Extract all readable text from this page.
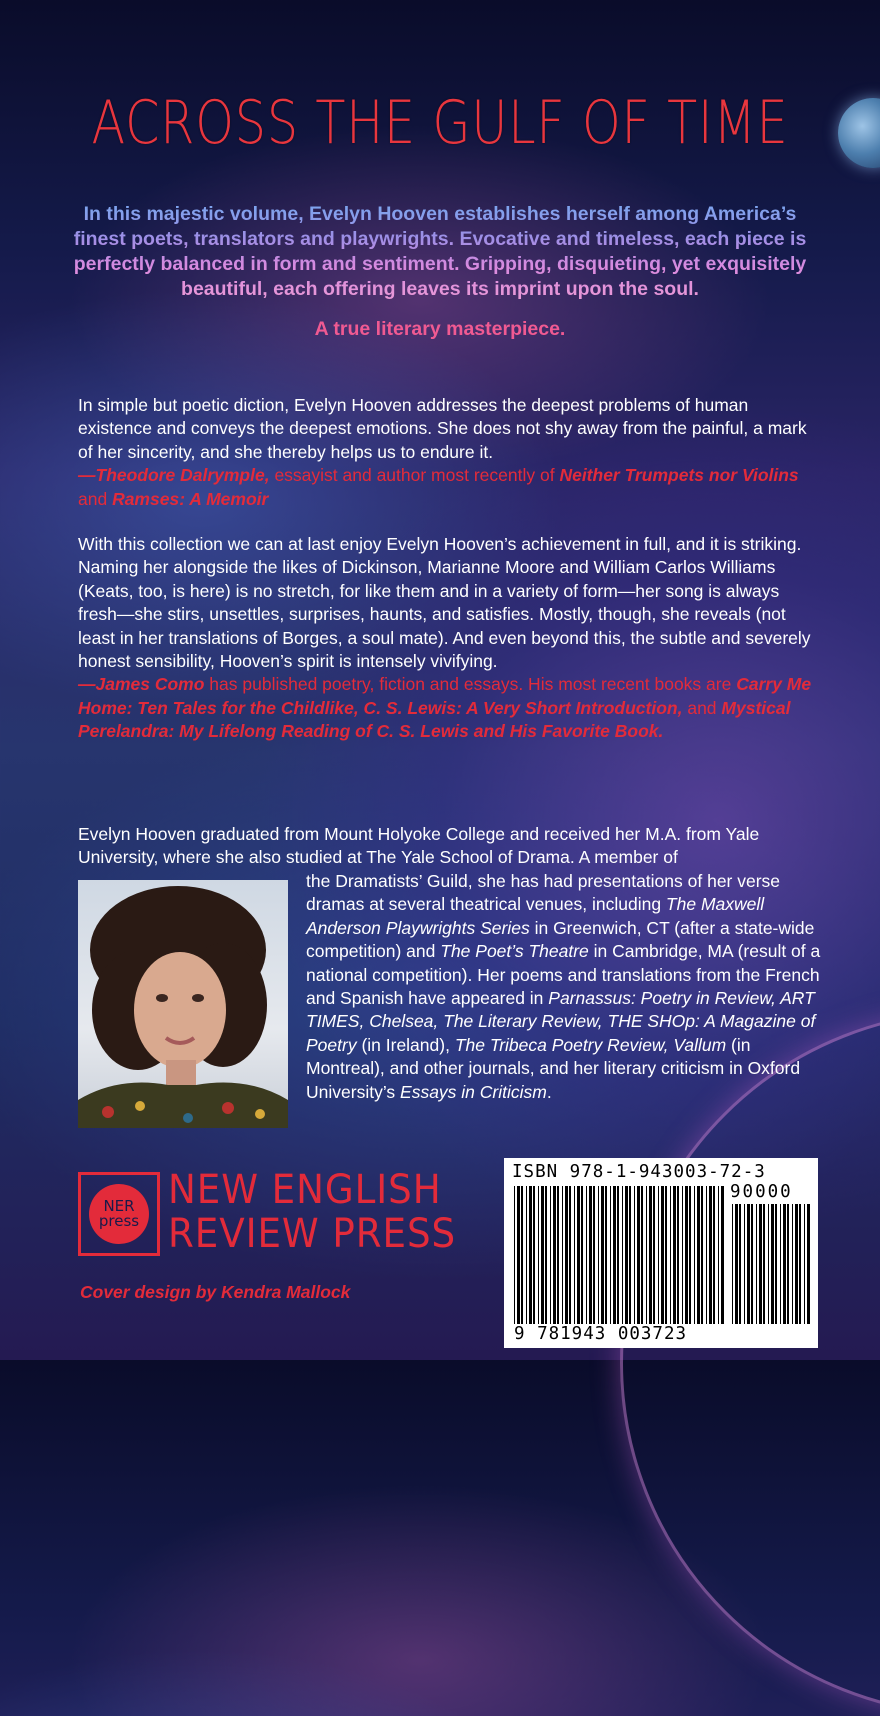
ACROSS THE GULF OF TIME
In this majestic volume, Evelyn Hooven establishes herself among America’s finest poets, translators and playwrights. Evocative and timeless, each piece is perfectly balanced in form and sentiment. Gripping, disquieting, yet exquisitely beautiful, each offering leaves its imprint upon the soul.
A true literary masterpiece.

In simple but poetic diction, Evelyn Hooven addresses the deepest problems of human existence and conveys the deepest emotions. She does not shy away from the painful, a mark of her sincerity, and she thereby helps us to endure it.

—Theodore Dalrymple, essayist and author most recently of Neither Trumpets nor Violins and Ramses: A Memoir

With this collection we can at last enjoy Evelyn Hooven’s achievement in full, and it is striking. Naming her alongside the likes of Dickinson, Marianne Moore and William Carlos Williams (Keats, too, is here) is no stretch, for like them and in a variety of form—her song is always fresh—she stirs, unsettles, surprises, haunts, and satisfies. Mostly, though, she reveals (not least in her translations of Borges, a soul mate). And even beyond this, the subtle and severely honest sensibility, Hooven’s spirit is intensely vivifying.

—James Como has published poetry, fiction and essays. His most recent books are Carry Me Home: Ten Tales for the Childlike, C. S. Lewis: A Very Short Introduction, and Mystical Perelandra: My Lifelong Reading of C. S. Lewis and His Favorite Book.

Evelyn Hooven graduated from Mount Holyoke College and received her M.A. from Yale University, where she also studied at The Yale School of Drama. A member of
the Dramatists’ Guild, she has had presentations of her verse dramas at several theatrical venues, including The Maxwell Anderson Playwrights Series in Greenwich, CT (after a state-wide competition) and The Poet’s Theatre in Cambridge, MA (result of a national competition). Her poems and translations from the French and Spanish have appeared in Parnassus: Poetry in Review, ART TIMES, Chelsea, The Literary Review, THE SHOp: A Magazine of Poetry (in Ireland), The Tribeca Poetry Review, Vallum (in Montreal), and other journals, and her literary criticism in Oxford University’s Essays in Criticism.
NER
press
NEW ENGLISH
REVIEW PRESS
Cover design by Kendra Mallock
ISBN 978-1-943003-72-3
90000
9 781943 003723
